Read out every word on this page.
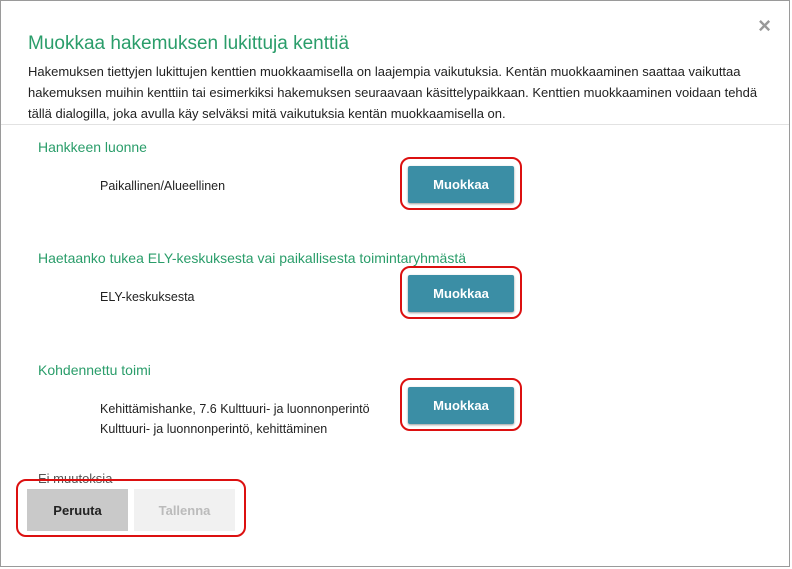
×
Muokkaa hakemuksen lukittuja kenttiä
Hakemuksen tiettyjen lukittujen kenttien muokkaamisella on laajempia vaikutuksia. Kentän muokkaaminen saattaa vaikuttaa hakemuksen muihin kenttiin tai esimerkiksi hakemuksen seuraavaan käsittelypaikkaan. Kenttien muokkaaminen voidaan tehdä tällä dialogilla, joka avulla käy selväksi mitä vaikutuksia kentän muokkaamisella on.
Hankkeen luonne
Paikallinen/Alueellinen	Muokkaa
Haetaanko tukea ELY-keskuksesta vai paikallisesta toimintaryhmästä
ELY-keskuksesta	Muokkaa
Kohdennettu toimi
Kehittämishanke, 7.6 Kulttuuri- ja luonnonperintö
Kulttuuri- ja luonnonperintö, kehittäminen
Muokkaa
Ei muutoksia
Peruuta	Tallenna
